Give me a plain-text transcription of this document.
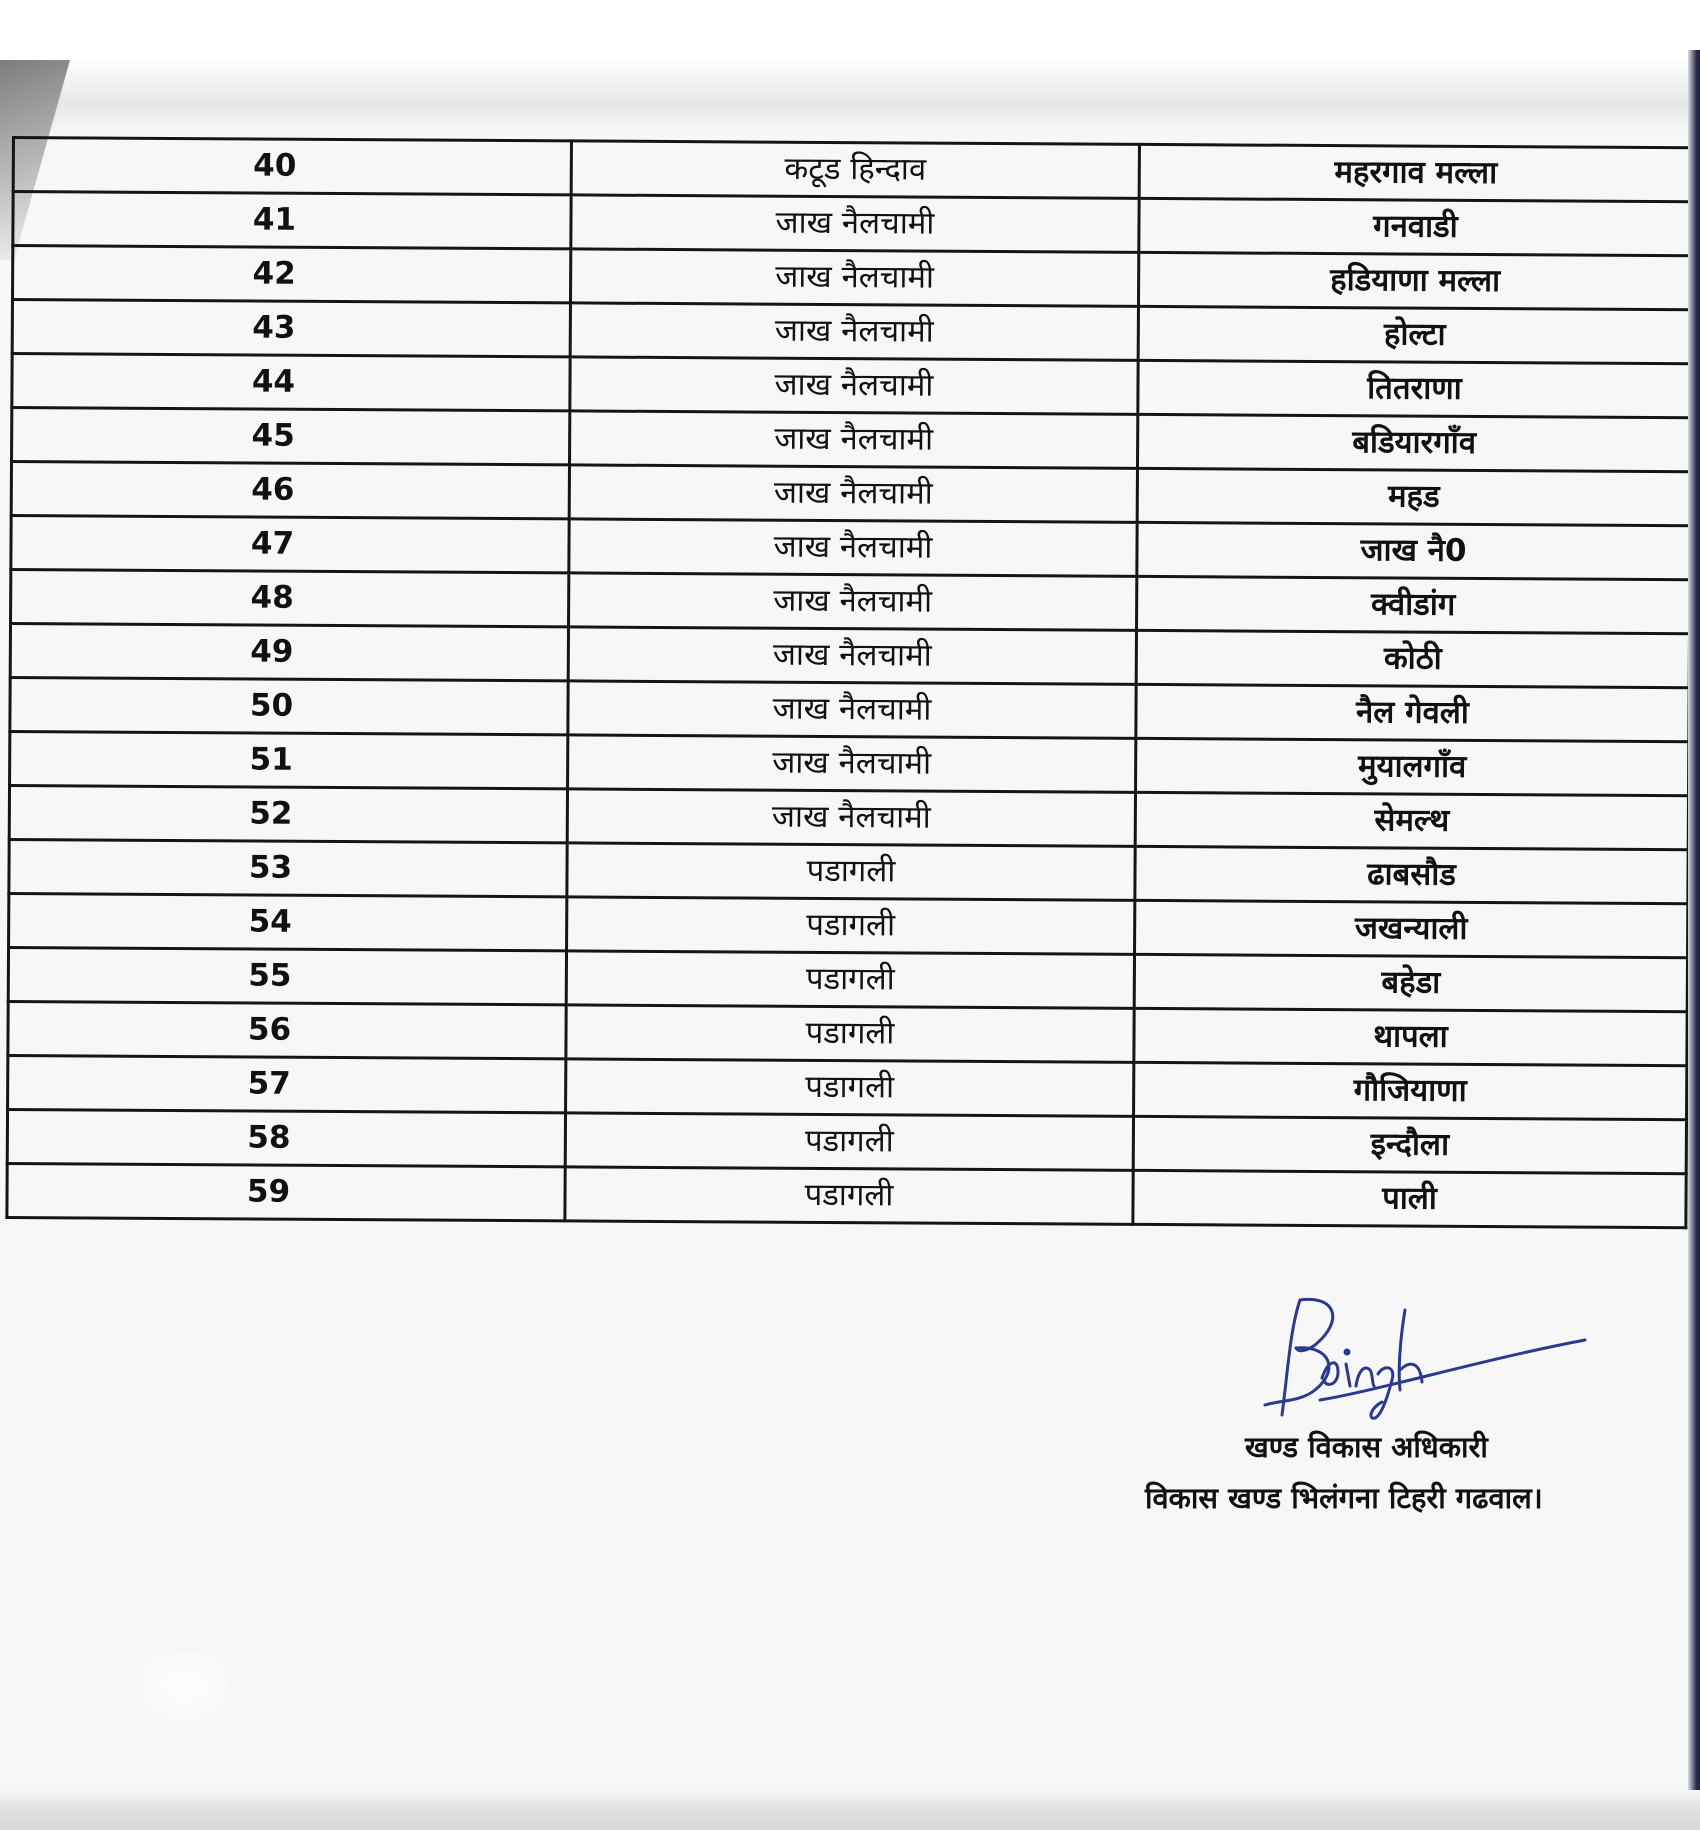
40	कटूड हिन्दाव	महरगाव मल्ला
41	जाख नैलचामी	गनवाडी
42	जाख नैलचामी	हडियाणा मल्ला
43	जाख नैलचामी	होल्टा
44	जाख नैलचामी	तितराणा
45	जाख नैलचामी	बडियारगाँव
46	जाख नैलचामी	महड
47	जाख नैलचामी	जाख नै0
48	जाख नैलचामी	क्वीडांग
49	जाख नैलचामी	कोठी
50	जाख नैलचामी	नैल गेवली
51	जाख नैलचामी	मुयालगाँव
52	जाख नैलचामी	सेमल्थ
53	पडागली	ढाबसौड
54	पडागली	जखन्याली
55	पडागली	बहेडा
56	पडागली	थापला
57	पडागली	गौजियाणा
58	पडागली	इन्दौला
59	पडागली	पाली
खण्ड विकास अधिकारी
विकास खण्ड भिलंगना टिहरी गढवाल।
